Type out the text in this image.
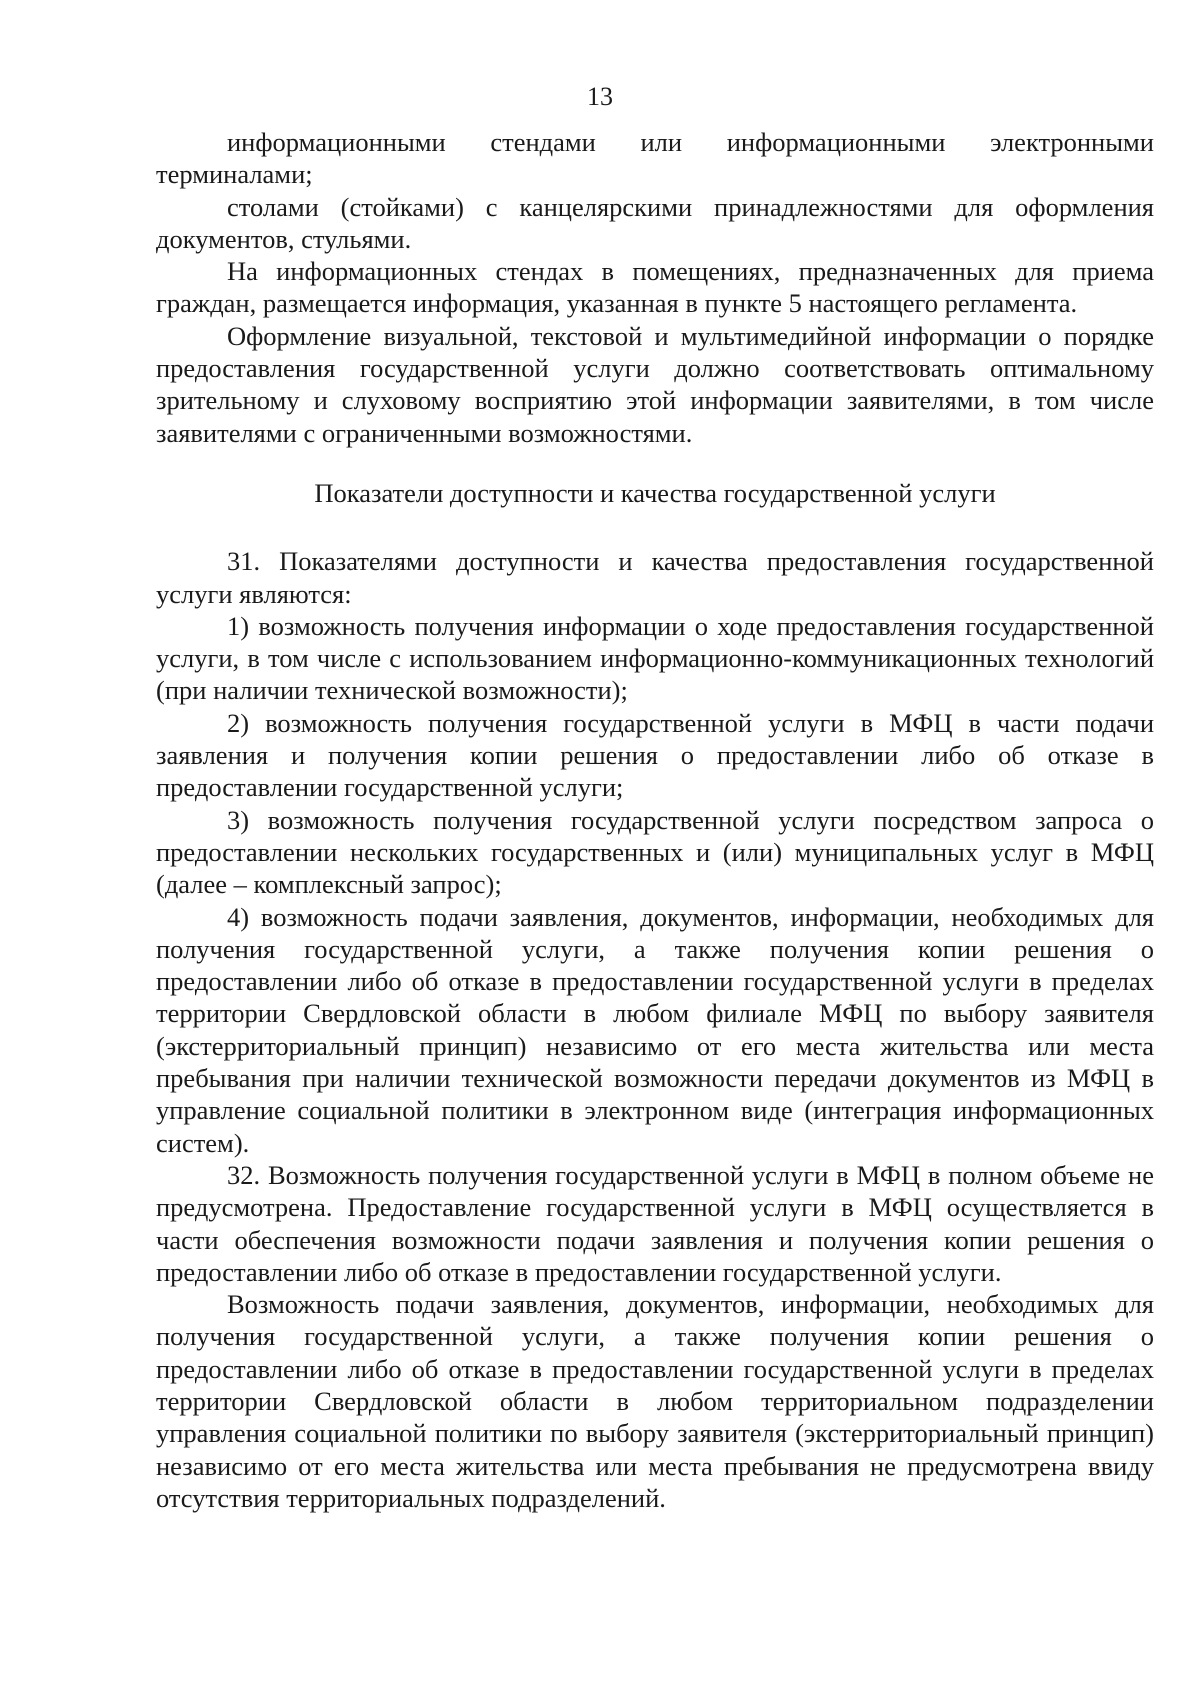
13

информационными стендами или информационными электронными терминалами;

столами (стойками) с канцелярскими принадлежностями для оформления документов, стульями.

На информационных стендах в помещениях, предназначенных для приема граждан, размещается информация, указанная в пункте 5 настоящего регламента.

Оформление визуальной, текстовой и мультимедийной информации о порядке предоставления государственной услуги должно соответствовать оптимальному зрительному и слуховому восприятию этой информации заявителями, в том числе заявителями с ограниченными возможностями.

Показатели доступности и качества государственной услуги

31. Показателями доступности и качества предоставления государственной услуги являются:

1) возможность получения информации о ходе предоставления государственной услуги, в том числе с использованием информационно-коммуникационных технологий (при наличии технической возможности);

2) возможность получения государственной услуги в МФЦ в части подачи заявления и получения копии решения о предоставлении либо об отказе в предоставлении государственной услуги;

3) возможность получения государственной услуги посредством запроса о предоставлении нескольких государственных и (или) муниципальных услуг в МФЦ (далее – комплексный запрос);

4) возможность подачи заявления, документов, информации, необходимых для получения государственной услуги, а также получения копии решения о предоставлении либо об отказе в предоставлении государственной услуги в пределах территории Свердловской области в любом филиале МФЦ по выбору заявителя (экстерриториальный принцип) независимо от его места жительства или места пребывания при наличии технической возможности передачи документов из МФЦ в управление социальной политики в электронном виде (интеграция информационных систем).

32. Возможность получения государственной услуги в МФЦ в полном объеме не предусмотрена. Предоставление государственной услуги в МФЦ осуществляется в части обеспечения возможности подачи заявления и получения копии решения о предоставлении либо об отказе в предоставлении государственной услуги.

Возможность подачи заявления, документов, информации, необходимых для получения государственной услуги, а также получения копии решения о предоставлении либо об отказе в предоставлении государственной услуги в пределах территории Свердловской области в любом территориальном подразделении управления социальной политики по выбору заявителя (экстерриториальный принцип) независимо от его места жительства или места пребывания не предусмотрена ввиду отсутствия территориальных подразделений.
